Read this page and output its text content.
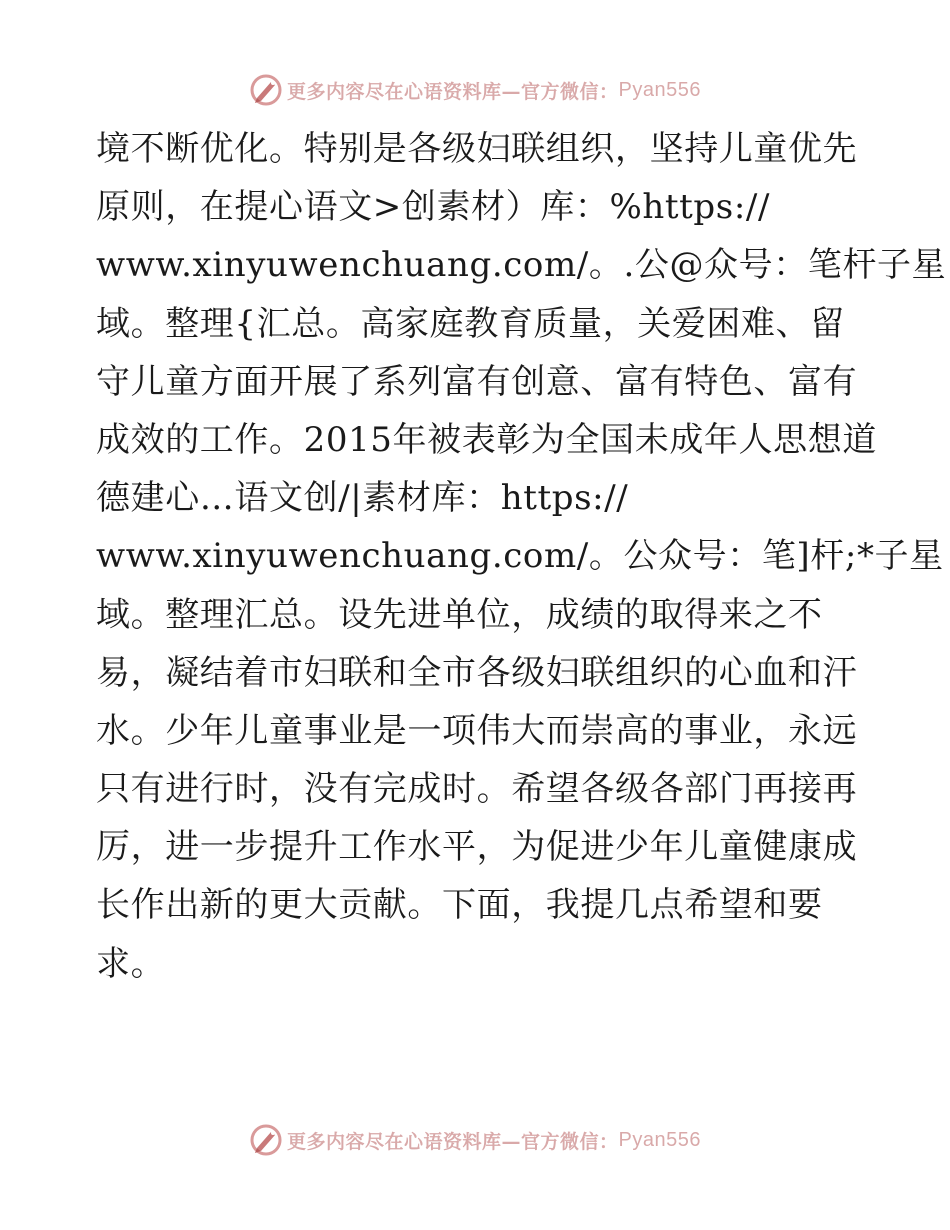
更多内容尽在心语资料库—官方微信： Pyan556
境不断优化。特别是各级妇联组织，坚持儿童优先
原则，在提心语文>创素材）库：%https://
www.xinyuwenchuang.com/。.公@众号：笔杆子星
域。整理{汇总。高家庭教育质量，关爱困难、留
守儿童方面开展了系列富有创意、富有特色、富有
成效的工作。2015年被表彰为全国未成年人思想道
德建心…语文创/|素材库：https://
www.xinyuwenchuang.com/。公众号：笔]杆;*子星
域。整理汇总。设先进单位，成绩的取得来之不
易，凝结着市妇联和全市各级妇联组织的心血和汗
水。少年儿童事业是一项伟大而崇高的事业，永远
只有进行时，没有完成时。希望各级各部门再接再
厉，进一步提升工作水平，为促进少年儿童健康成
长作出新的更大贡献。下面，我提几点希望和要
求。
更多内容尽在心语资料库—官方微信： Pyan556
